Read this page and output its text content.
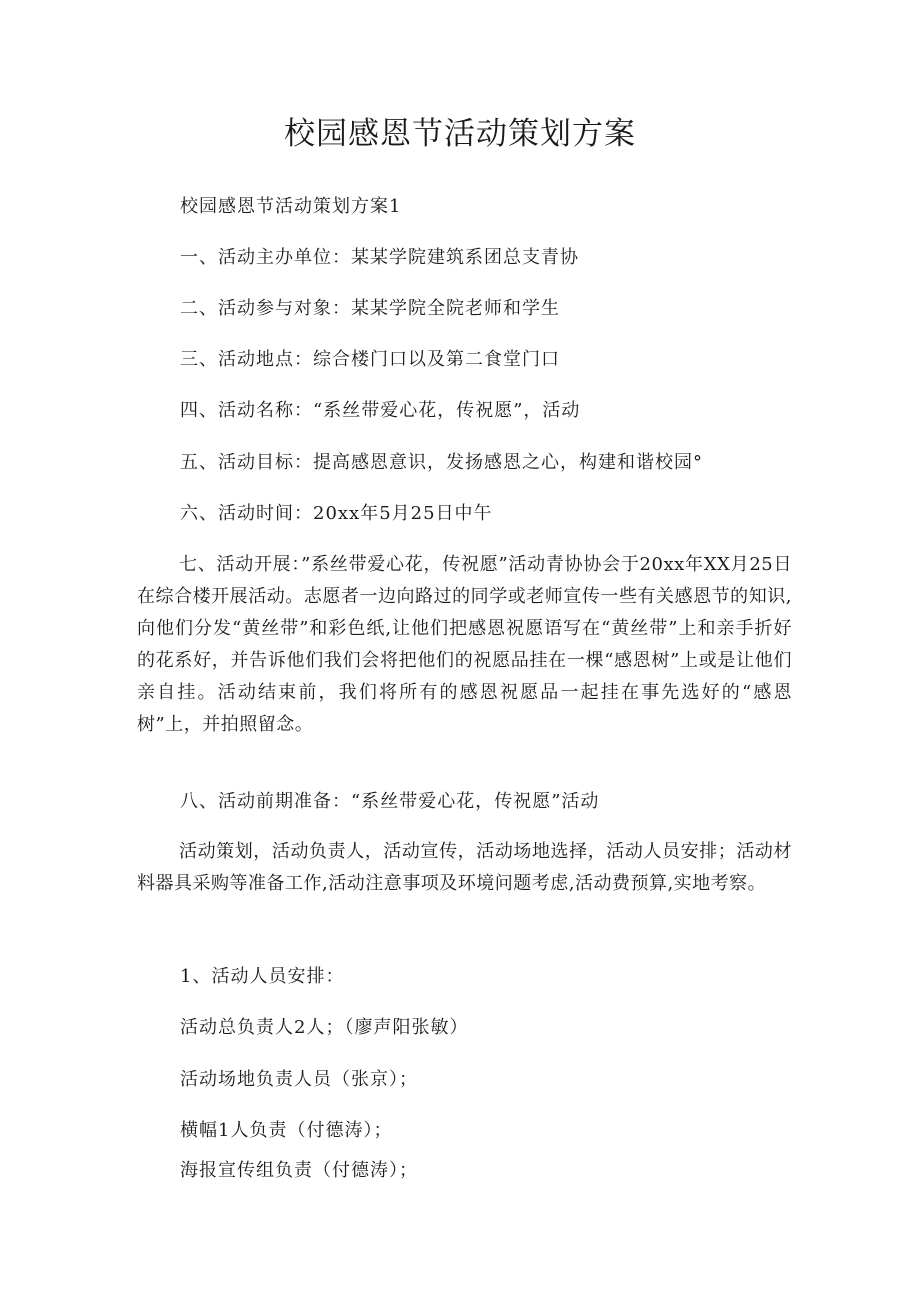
校园感恩节活动策划方案
校园感恩节活动策划方案1
一、活动主办单位：某某学院建筑系团总支青协
二、活动参与对象：某某学院全院老师和学生
三、活动地点：综合楼门口以及第二食堂门口
四、活动名称：“系丝带爱心花，传祝愿”，活动
五、活动目标：提高感恩意识，发扬感恩之心，构建和谐校园°
六、活动时间：20xx年5月25日中午

七、活动开展：”系丝带爱心花，传祝愿”活动青协协会于20xx年XX月25日在综合楼开展活动。志愿者一边向路过的同学或老师宣传一些有关感恩节的知识,向他们分发“黄丝带”和彩色纸,让他们把感恩祝愿语写在“黄丝带”上和亲手折好的花系好，并告诉他们我们会将把他们的祝愿品挂在一棵“感恩树”上或是让他们亲自挂。活动结束前，我们将所有的感恩祝愿品一起挂在事先选好的“感恩树”上，并拍照留念。

八、活动前期准备：“系丝带爱心花，传祝愿”活动

活动策划，活动负责人，活动宣传，活动场地选择，活动人员安排；活动材料器具采购等准备工作,活动注意事项及环境问题考虑,活动费预算,实地考察。

1、活动人员安排：
活动总负责人2人；（廖声阳张敏）
活动场地负责人员（张京）；
横幅1人负责（付德涛）；
海报宣传组负责（付德涛）；
